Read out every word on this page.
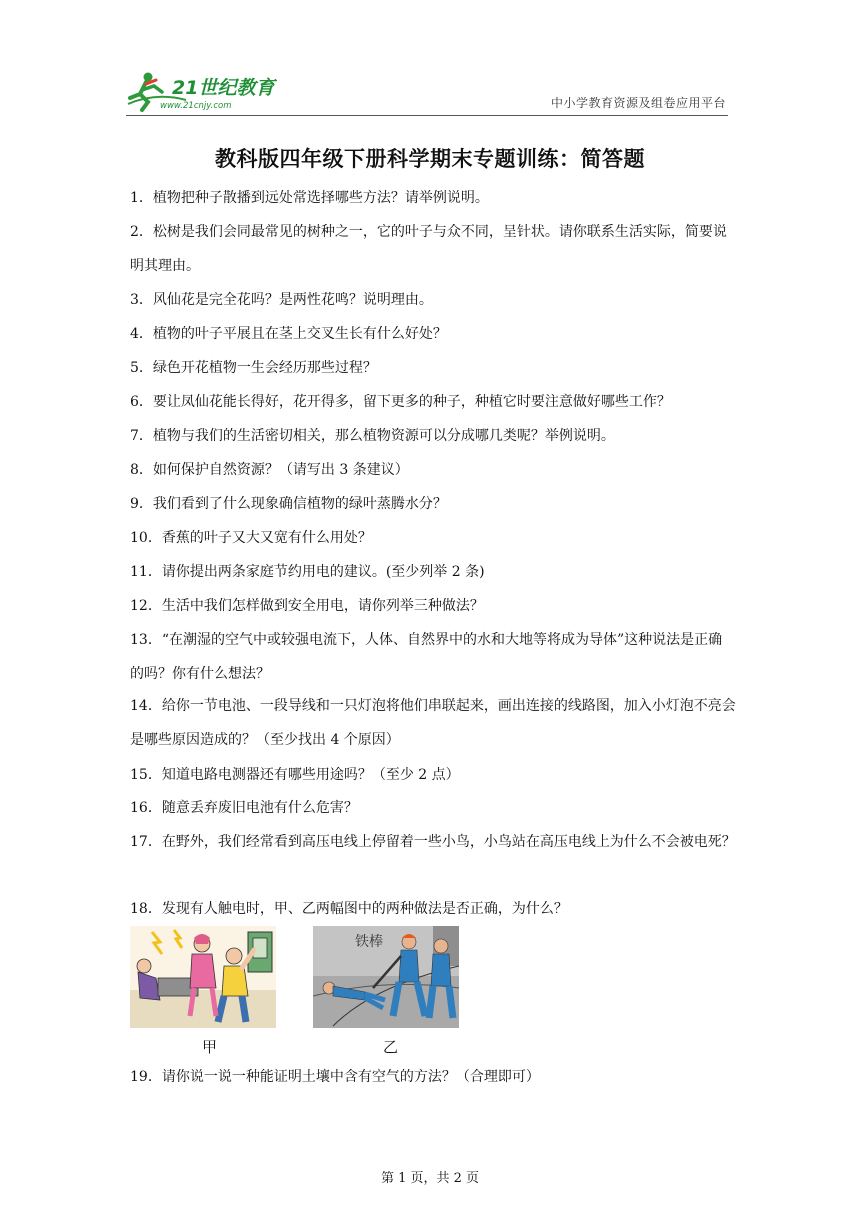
21世纪教育
www.21cnjy.com	中小学教育资源及组卷应用平台
教科版四年级下册科学期末专题训练：简答题
1．植物把种子散播到远处常选择哪些方法？请举例说明。
2．松树是我们会同最常见的树种之一，它的叶子与众不同，呈针状。请你联系生活实际，简要说明其理由。
3．风仙花是完全花吗？是两性花鸣？说明理由。
4．植物的叶子平展且在茎上交叉生长有什么好处？
5．绿色开花植物一生会经历那些过程？
6．要让凤仙花能长得好，花开得多，留下更多的种子，种植它时要注意做好哪些工作？
7．植物与我们的生活密切相关，那么植物资源可以分成哪几类呢？举例说明。
8．如何保护自然资源？（请写出 3 条建议）
9．我们看到了什么现象确信植物的绿叶蒸腾水分？
10．香蕉的叶子又大又宽有什么用处？
11．请你提出两条家庭节约用电的建议。(至少列举 2 条)
12．生活中我们怎样做到安全用电，请你列举三种做法？
13．“在潮湿的空气中或较强电流下，人体、自然界中的水和大地等将成为导体”这种说法是正确的吗？你有什么想法？
14．给你一节电池、一段导线和一只灯泡将他们串联起来，画出连接的线路图，加入小灯泡不亮会是哪些原因造成的？（至少找出 4 个原因）
15．知道电路电测器还有哪些用途吗？（至少 2 点）
16．随意丢弃废旧电池有什么危害？
17．在野外，我们经常看到高压电线上停留着一些小鸟，小鸟站在高压电线上为什么不会被电死？
18．发现有人触电时，甲、乙两幅图中的两种做法是否正确，为什么？
甲
铁棒
乙
19．请你说一说一种能证明土壤中含有空气的方法？（合理即可）
第 1 页，共 2 页
